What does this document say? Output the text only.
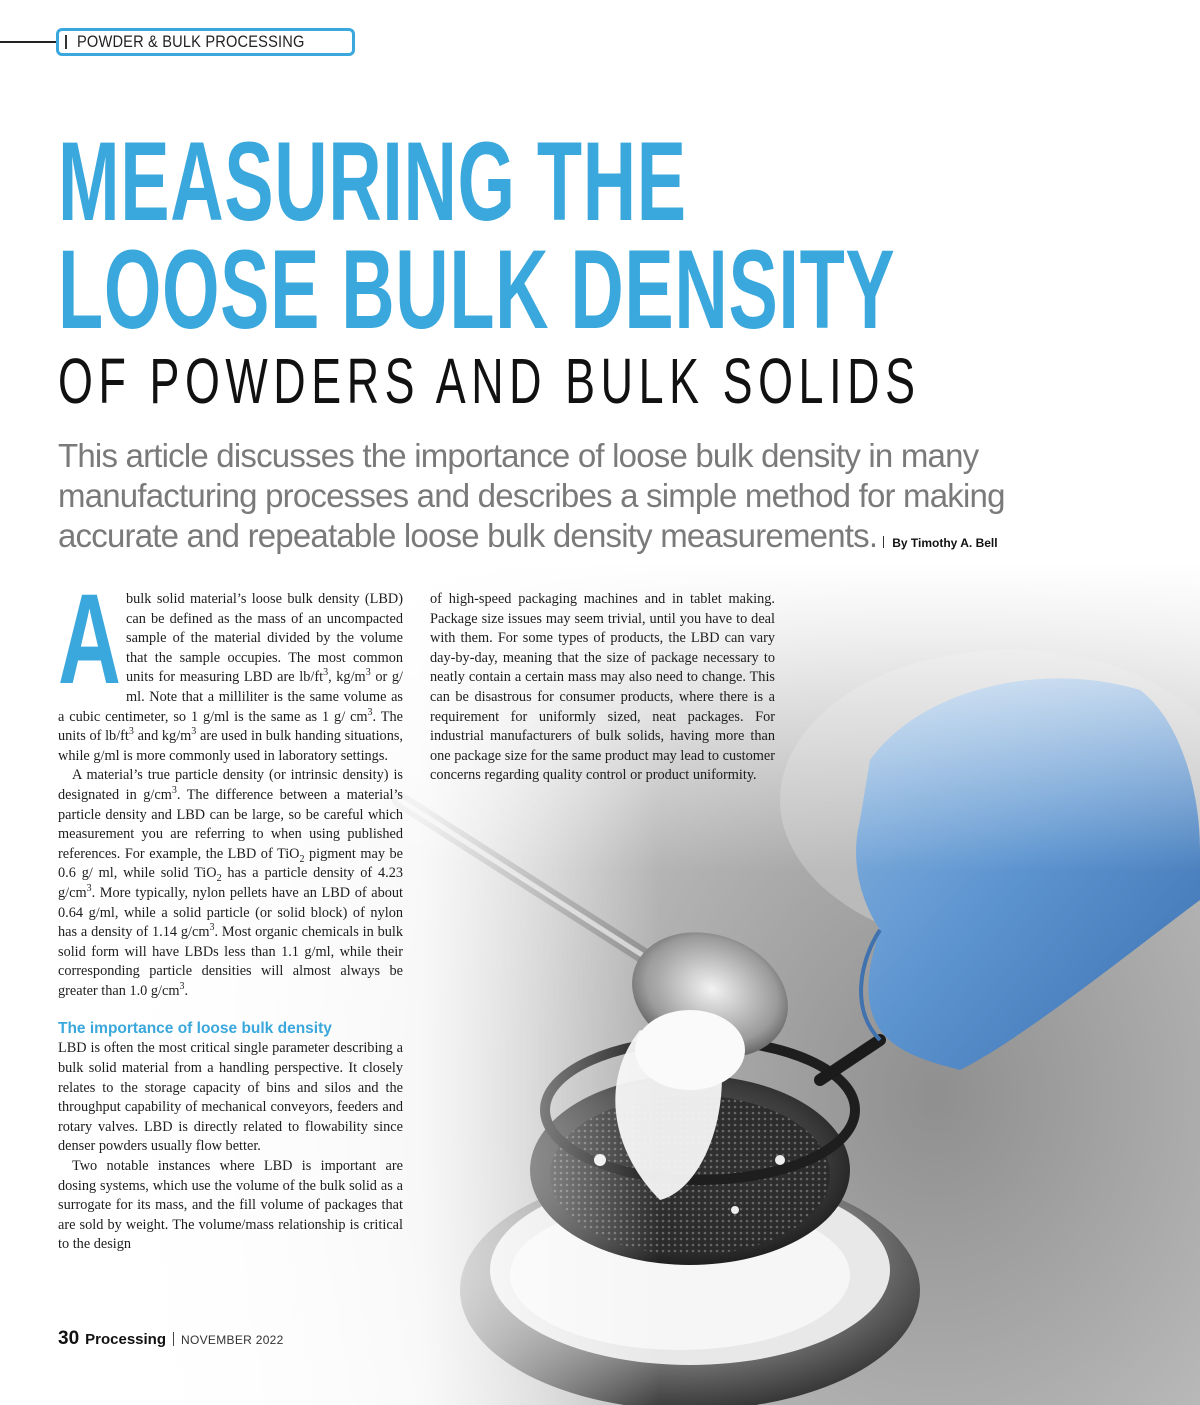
POWDER & BULK PROCESSING
MEASURING THE
LOOSE BULK DENSITY
OF POWDERS AND BULK SOLIDS
This article discusses the importance of loose bulk density in many
manufacturing processes and describes a simple method for making
accurate and repeatable loose bulk density measurements. By Timothy A. Bell

Abulk solid material’s loose bulk density (LBD) can be defined as the mass of an uncompacted sample of the material divided by the volume that the sample occupies. The most common units for measuring LBD are $lb/ft^3$, $kg/m^3$ or g/ ml. Note that a milliliter is the same volume as a cubic centimeter, so 1 g/ml is the same as 1 g/ $cm^3$. The units of $lb/ft^3$ and $kg/m^3$ are used in bulk handing situations, while g/ml is more commonly used in laboratory settings.

A material’s true particle density (or intrinsic density) is designated in $g/cm^3$. The difference between a material’s particle density and LBD can be large, so be careful which measurement you are referring to when using published references. For example, the LBD of TiO$_2$ pigment may be 0.6 g/ ml, while solid TiO$_2$ has a particle density of 4.23 $g/cm^3$. More typically, nylon pellets have an LBD of about 0.64 g/ml, while a solid particle (or solid block) of nylon has a density of 1.14 $g/cm^3$. Most organic chemicals in bulk solid form will have LBDs less than 1.1 g/ml, while their corresponding particle densities will almost always be greater than 1.0 $g/cm^3$.

The importance of loose bulk density

LBD is often the most critical single parameter describing a bulk solid material from a handling perspective. It closely relates to the storage capacity of bins and silos and the throughput capability of mechanical conveyors, feeders and rotary valves. LBD is directly related to flowability since denser powders usually flow better.

Two notable instances where LBD is important are dosing systems, which use the volume of the bulk solid as a surrogate for its mass, and the fill volume of packages that are sold by weight. The volume/mass relationship is critical to the design

of high-speed packaging machines and in tablet making. Package size issues may seem trivial, until you have to deal with them. For some types of products, the LBD can vary day-by-day, meaning that the size of package necessary to neatly contain a certain mass may also need to change. This can be disastrous for consumer products, where there is a requirement for uniformly sized, neat packages. For industrial manufacturers of bulk solids, having more than one package size for the same product may lead to customer concerns regarding quality control or product uniformity.

30 Processing NOVEMBER 2022
